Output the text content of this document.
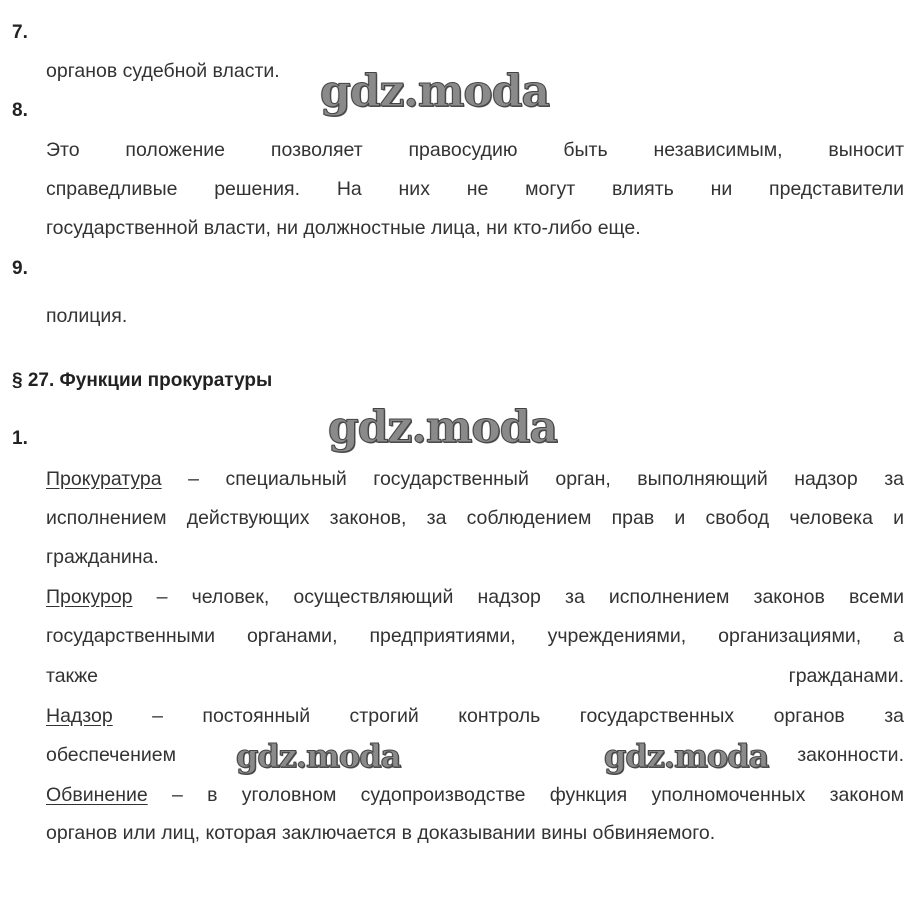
7.
органов судебной власти.
8.
Это положение позволяет правосудию быть независимым, выносит
справедливые решения. На них не могут влиять ни представители
государственной власти, ни должностные лица, ни кто-либо еще.
9.
полиция.
§ 27. Функции прокуратуры
1.
Прокуратура – специальный государственный орган, выполняющий надзор за
исполнением действующих законов, за соблюдением прав и свобод человека и
гражданина.
Прокурор – человек, осуществляющий надзор за исполнением законов всеми
государственными органами, предприятиями, учреждениями, организациями, а
также	гражданами.
Надзор – постоянный строгий контроль государственных органов за
обеспечением	законности.
Обвинение – в уголовном судопроизводстве функция уполномоченных законом
органов или лиц, которая заключается в доказывании вины обвиняемого.
gdz.moda
gdz.moda
gdz.moda	gdz.moda
